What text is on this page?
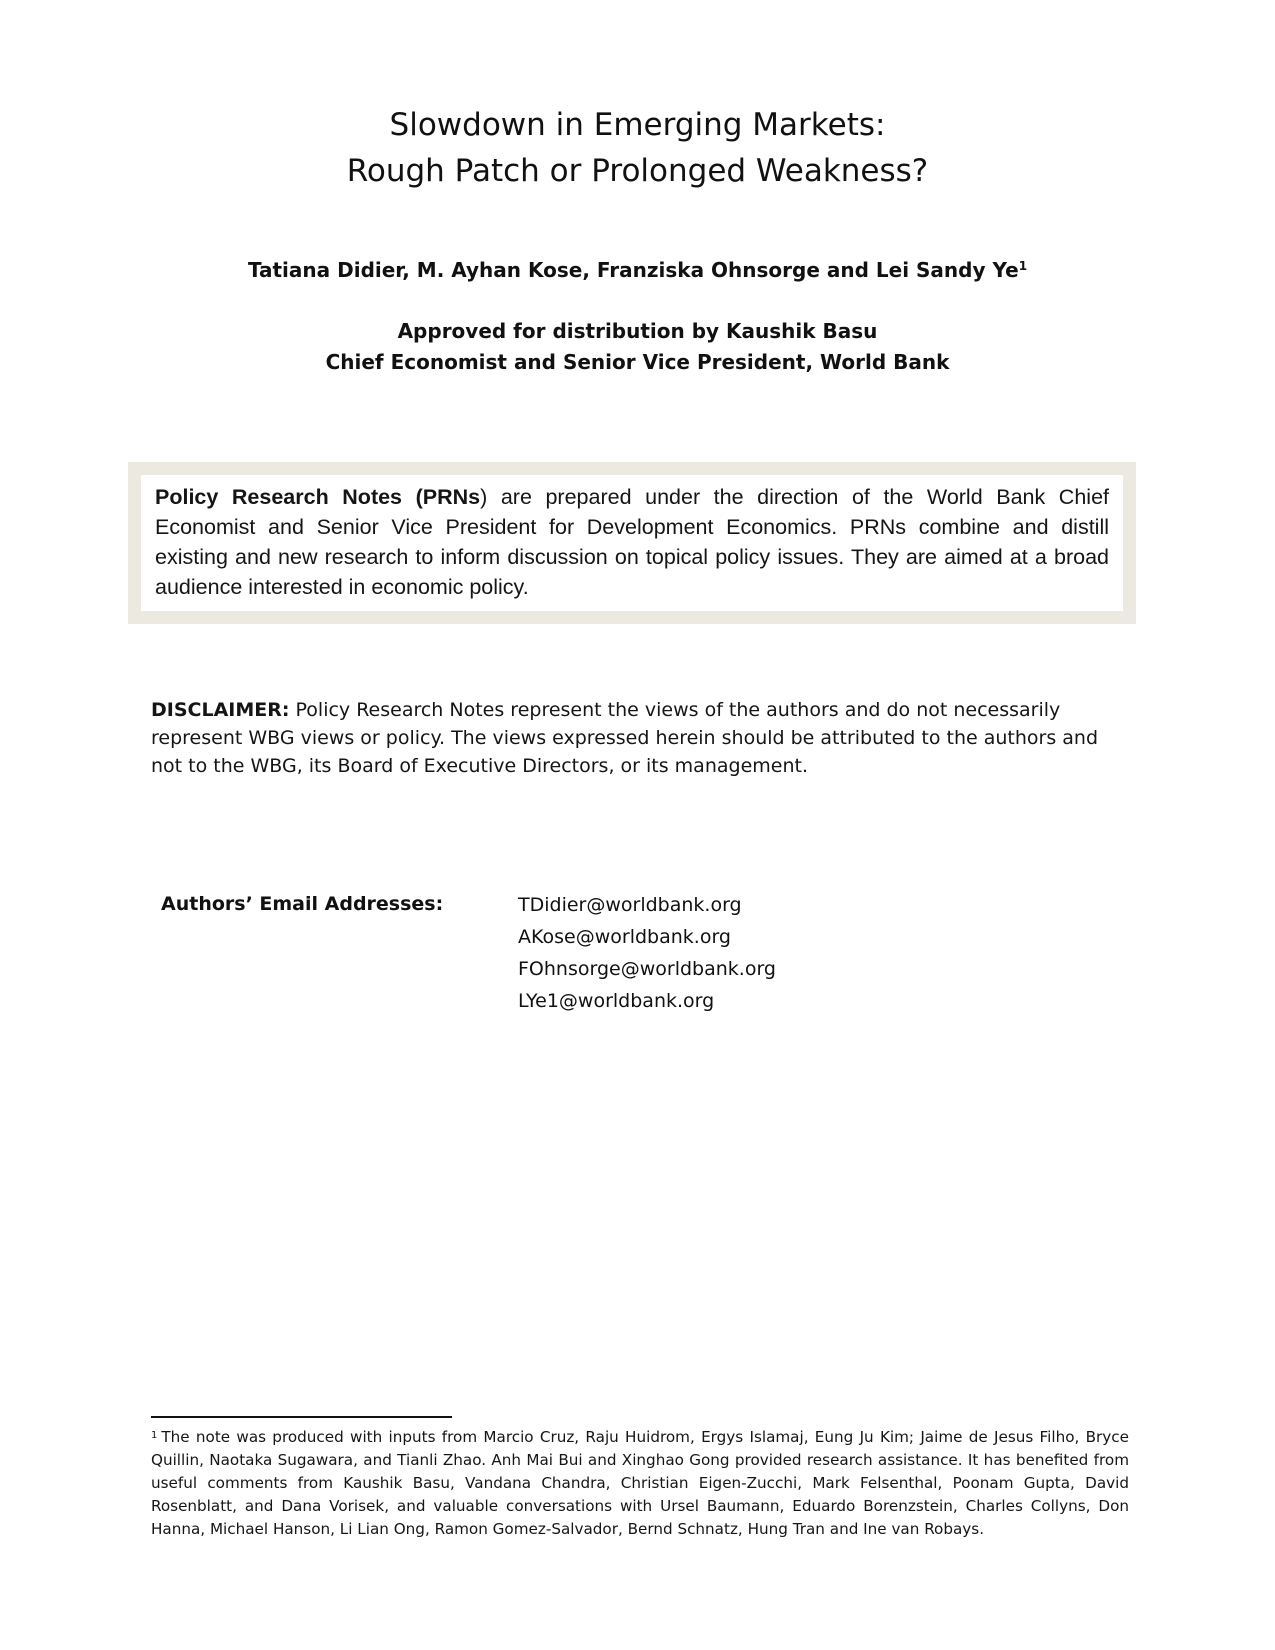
Slowdown in Emerging Markets:
Rough Patch or Prolonged Weakness?
Tatiana Didier, M. Ayhan Kose, Franziska Ohnsorge and Lei Sandy Ye$^1$
Approved for distribution by Kaushik Basu
Chief Economist and Senior Vice President, World Bank
Policy Research Notes (PRNs) are prepared under the direction of the World Bank Chief Economist and Senior Vice President for Development Economics. PRNs combine and distill existing and new research to inform discussion on topical policy issues. They are aimed at a broad audience interested in economic policy.
DISCLAIMER: Policy Research Notes represent the views of the authors and do not necessarily represent WBG views or policy. The views expressed herein should be attributed to the authors and not to the WBG, its Board of Executive Directors, or its management.
Authors’ Email Addresses:	TDidier@worldbank.org
AKose@worldbank.org
FOhnsorge@worldbank.org
LYe1@worldbank.org
$^1$ The note was produced with inputs from Marcio Cruz, Raju Huidrom, Ergys Islamaj, Eung Ju Kim; Jaime de Jesus Filho, Bryce Quillin, Naotaka Sugawara, and Tianli Zhao. Anh Mai Bui and Xinghao Gong provided research assistance. It has benefited from useful comments from Kaushik Basu, Vandana Chandra, Christian Eigen-Zucchi, Mark Felsenthal, Poonam Gupta, David Rosenblatt, and Dana Vorisek, and valuable conversations with Ursel Baumann, Eduardo Borenzstein, Charles Collyns, Don Hanna, Michael Hanson, Li Lian Ong, Ramon Gomez-Salvador, Bernd Schnatz, Hung Tran and Ine van Robays.
